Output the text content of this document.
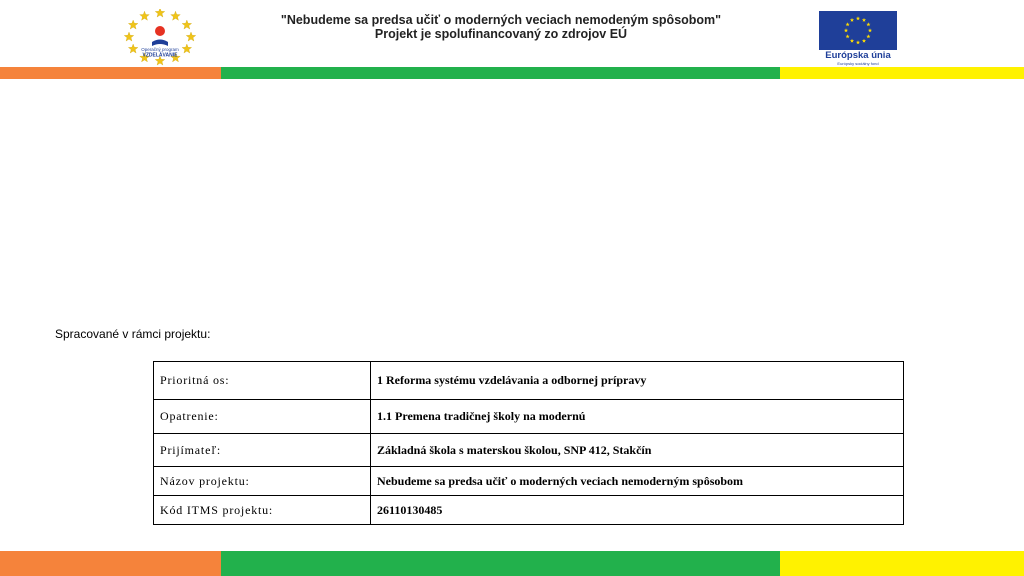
Operačný program
VZDELÁVANIE
"Nebudeme sa predsa učiť o moderných veciach nemodeným spôsobom"
Projekt je spolufinancovaný zo zdrojov EÚ
Európska únia
Európsky sociálny fond
Spracované v rámci projektu:
Prioritná os:	1 Reforma systému vzdelávania a odbornej prípravy
Opatrenie:	1.1 Premena tradičnej školy na modernú
Prijímateľ:	Základná škola s materskou školou, SNP 412, Stakčín
Názov projektu:	Nebudeme sa predsa učiť o moderných veciach nemoderným spôsobom
Kód ITMS projektu:	26110130485
